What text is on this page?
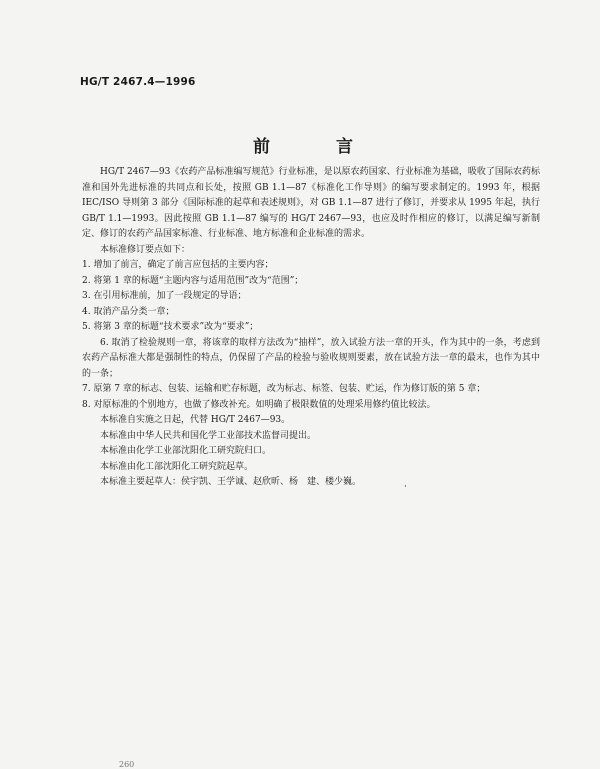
HG/T 2467.4—1996
前 言

HG/T 2467—93《农药产品标准编写规范》行业标准，是以原农药国家、行业标准为基础，吸收了国际农药标准和国外先进标准的共同点和长处，按照 GB 1.1—87《标准化工作导则》的编写要求制定的。1993 年，根据 IEC/ISO 导则第 3 部分《国际标准的起草和表述规则》，对 GB 1.1—87 进行了修订，并要求从 1995 年起，执行 GB/T 1.1—1993。因此按照 GB 1.1—87 编写的 HG/T 2467—93，也应及时作相应的修订，以满足编写新制定、修订的农药产品国家标准、行业标准、地方标准和企业标准的需求。

本标准修订要点如下：

1. 增加了前言，确定了前言应包括的主要内容；

2. 将第 1 章的标题“主题内容与适用范围”改为“范围”；

3. 在引用标准前，加了一段规定的导语；

4. 取消产品分类一章；

5. 将第 3 章的标题“技术要求”改为“要求”；

6. 取消了检验规则一章，将该章的取样方法改为“抽样”，放入试验方法一章的开头，作为其中的一条，考虑到农药产品标准大都是强制性的特点，仍保留了产品的检验与验收规则要素，放在试验方法一章的最末，也作为其中的一条；

7. 原第 7 章的标志、包装、运输和贮存标题，改为标志、标签、包装、贮运，作为修订版的第 5 章；

8. 对原标准的个别地方，也做了修改补充。如明确了极限数值的处理采用修约值比较法。

本标准自实施之日起，代替 HG/T 2467—93。

本标准由中华人民共和国化学工业部技术监督司提出。

本标准由化学工业部沈阳化工研究院归口。

本标准由化工部沈阳化工研究院起草。

本标准主要起草人：侯宇凯、王学诚、赵欣昕、杨　建、楼少巍。	·
260
